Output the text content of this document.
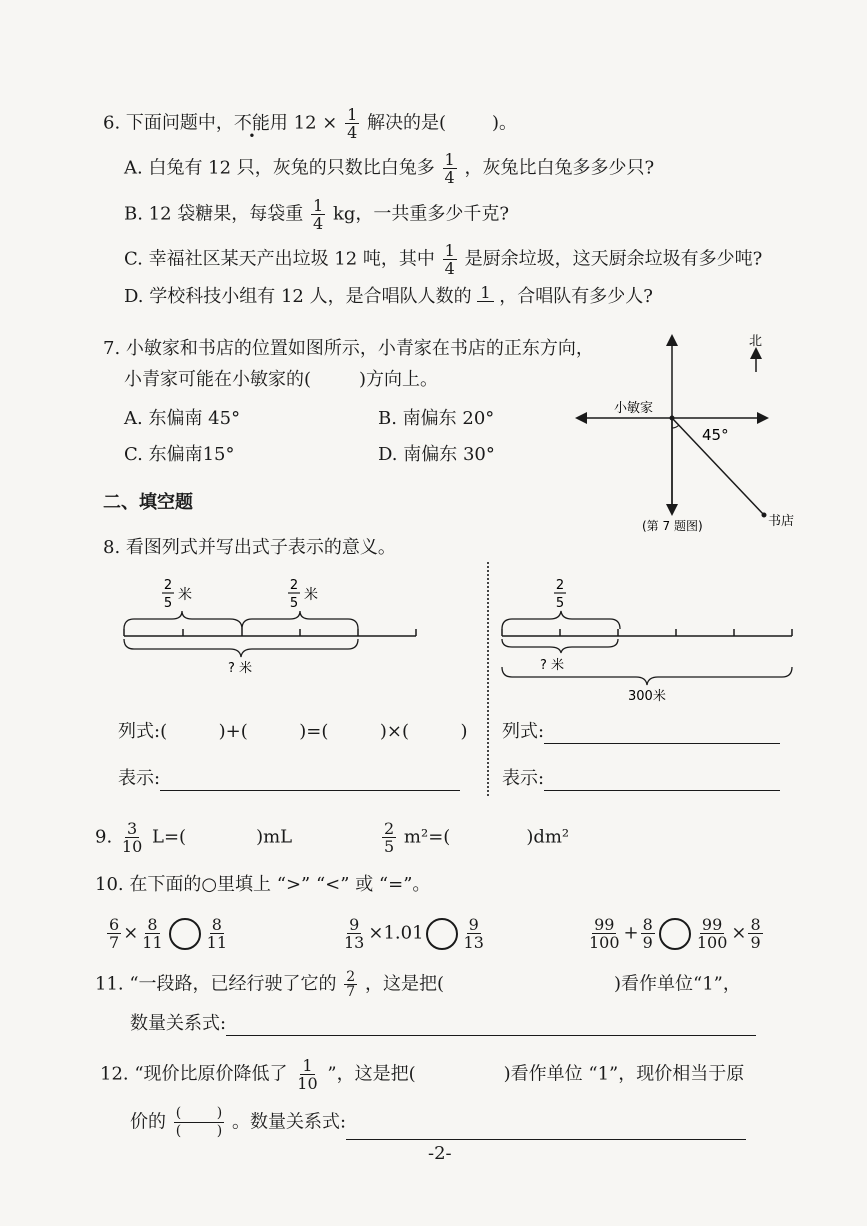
6. 下面问题中，不能用 $12 \times \frac{1}{4}$ 解决的是(	)。
A. 白兔有 12 只，灰兔的只数比白兔多 $\frac{1}{4}$ ，灰兔比白兔多多少只?
B. 12 袋糖果，每袋重 $\frac{1}{4}$ kg，一共重多少千克?
C. 幸福社区某天产出垃圾 12 吨，其中 $\frac{1}{4}$ 是厨余垃圾，这天厨余垃圾有多少吨?
D. 学校科技小组有 12 人，是合唱队人数的 1 ，合唱队有多少人?
7. 小敏家和书店的位置如图所示，小青家在书店的正东方向，
小青家可能在小敏家的(	)方向上。
A. 东偏南 45°	B. 南偏东 20°
C. 东偏南15°	D. 南偏东 30°
北
小敏家
45°
书店
(第 7 题图)
二、填空题
8. 看图列式并写出式子表示的意义。
2
5
米
2
5
米
? 米
2
5
? 米
300米
列式:(         )+(         )=(         )×(         )
表示:
列式:
表示:
9. $\frac{3}{10} L=$(	)mL	$\frac{2}{5} m^2=$(	)dm²
10. 在下面的○里填上 “>” “<” 或 “=”。
$\frac{6}{7} \times \frac{8}{11}$	$\frac{8}{11}$	$\frac{9}{13} \times 1.01 \frac{9}{13}$	$\frac{99}{100} + \frac{8}{9}$	$\frac{99}{100} \times \frac{8}{9}$
11. “一段路，已经行驶了它的 $\frac{2}{7}$ ，这是把(	)看作单位“1”，
数量关系式:
12. “现价比原价降低了 $\frac{1}{10}$ ”，这是把(	)看作单位 “1”，现价相当于原
价的 $\frac{( )}{( )}$ 。数量关系式:
-2-
